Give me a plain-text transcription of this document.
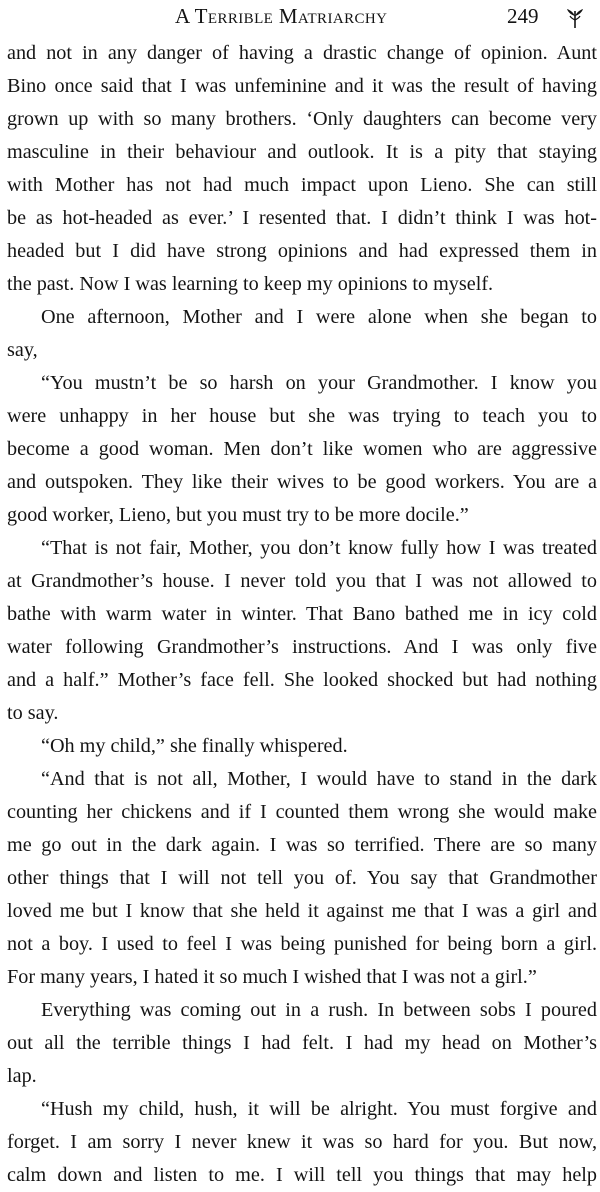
A Terrible Matriarchy	249
and not in any danger of having a drastic change of opinion. Aunt
Bino once said that I was unfeminine and it was the result of having
grown up with so many brothers. ‘Only daughters can become very
masculine in their behaviour and outlook. It is a pity that staying
with Mother has not had much impact upon Lieno. She can still
be as hot-headed as ever.’ I resented that. I didn’t think I was hot-
headed but I did have strong opinions and had expressed them in
the past. Now I was learning to keep my opinions to myself.
One afternoon, Mother and I were alone when she began to
say,
“You mustn’t be so harsh on your Grandmother. I know you
were unhappy in her house but she was trying to teach you to
become a good woman. Men don’t like women who are aggressive
and outspoken. They like their wives to be good workers. You are a
good worker, Lieno, but you must try to be more docile.”
“That is not fair, Mother, you don’t know fully how I was treated
at Grandmother’s house. I never told you that I was not allowed to
bathe with warm water in winter. That Bano bathed me in icy cold
water following Grandmother’s instructions. And I was only five
and a half.” Mother’s face fell. She looked shocked but had nothing
to say.
“Oh my child,” she finally whispered.
“And that is not all, Mother, I would have to stand in the dark
counting her chickens and if I counted them wrong she would make
me go out in the dark again. I was so terrified. There are so many
other things that I will not tell you of. You say that Grandmother
loved me but I know that she held it against me that I was a girl and
not a boy. I used to feel I was being punished for being born a girl.
For many years, I hated it so much I wished that I was not a girl.”
Everything was coming out in a rush. In between sobs I poured
out all the terrible things I had felt. I had my head on Mother’s
lap.
“Hush my child, hush, it will be alright. You must forgive and
forget. I am sorry I never knew it was so hard for you. But now,
calm down and listen to me. I will tell you things that may help
